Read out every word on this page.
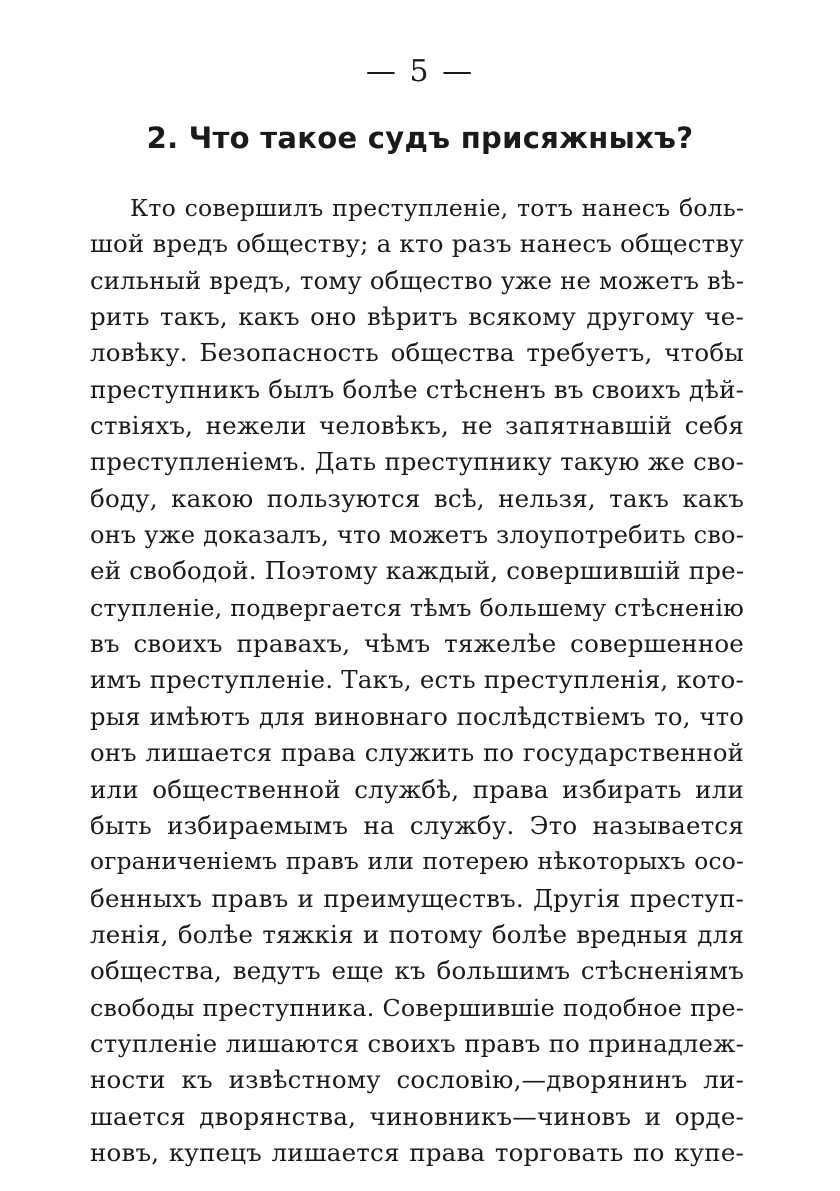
— 5 —
2. Что такое судъ присяжныхъ?
Кто совершилъ преступленіе, тотъ нанесъ боль-
шой вредъ обществу; а кто разъ нанесъ обществу
сильный вредъ, тому общество уже не можетъ вѣ-
рить такъ, какъ оно вѣритъ всякому другому че-
ловѣку. Безопасность общества требуетъ, чтобы
преступникъ былъ болѣе стѣсненъ въ своихъ дѣй-
ствіяхъ, нежели человѣкъ, не запятнавшій себя
преступленіемъ. Дать преступнику такую же сво-
боду, какою пользуются всѣ, нельзя, такъ какъ
онъ уже доказалъ, что можетъ злоупотребить сво-
ей свободой. Поэтому каждый, совершившій пре-
ступленіе, подвергается тѣмъ большему стѣсненію
въ своихъ правахъ, чѣмъ тяжелѣе совершенное
имъ преступленіе. Такъ, есть преступленія, кото-
рыя имѣютъ для виновнаго послѣдствіемъ то, что
онъ лишается права служить по государственной
или общественной службѣ, права избирать или
быть избираемымъ на службу. Это называется
ограниченіемъ правъ или потерею нѣкоторыхъ осо-
бенныхъ правъ и преимуществъ. Другія преступ-
ленія, болѣе тяжкія и потому болѣе вредныя для
общества, ведутъ еще къ большимъ стѣсненіямъ
свободы преступника. Совершившіе подобное пре-
ступленіе лишаются своихъ правъ по принадлеж-
ности къ извѣстному сословію,—дворянинъ ли-
шается дворянства, чиновникъ—чиновъ и орде-
новъ, купецъ лишается права торговать по купе-
